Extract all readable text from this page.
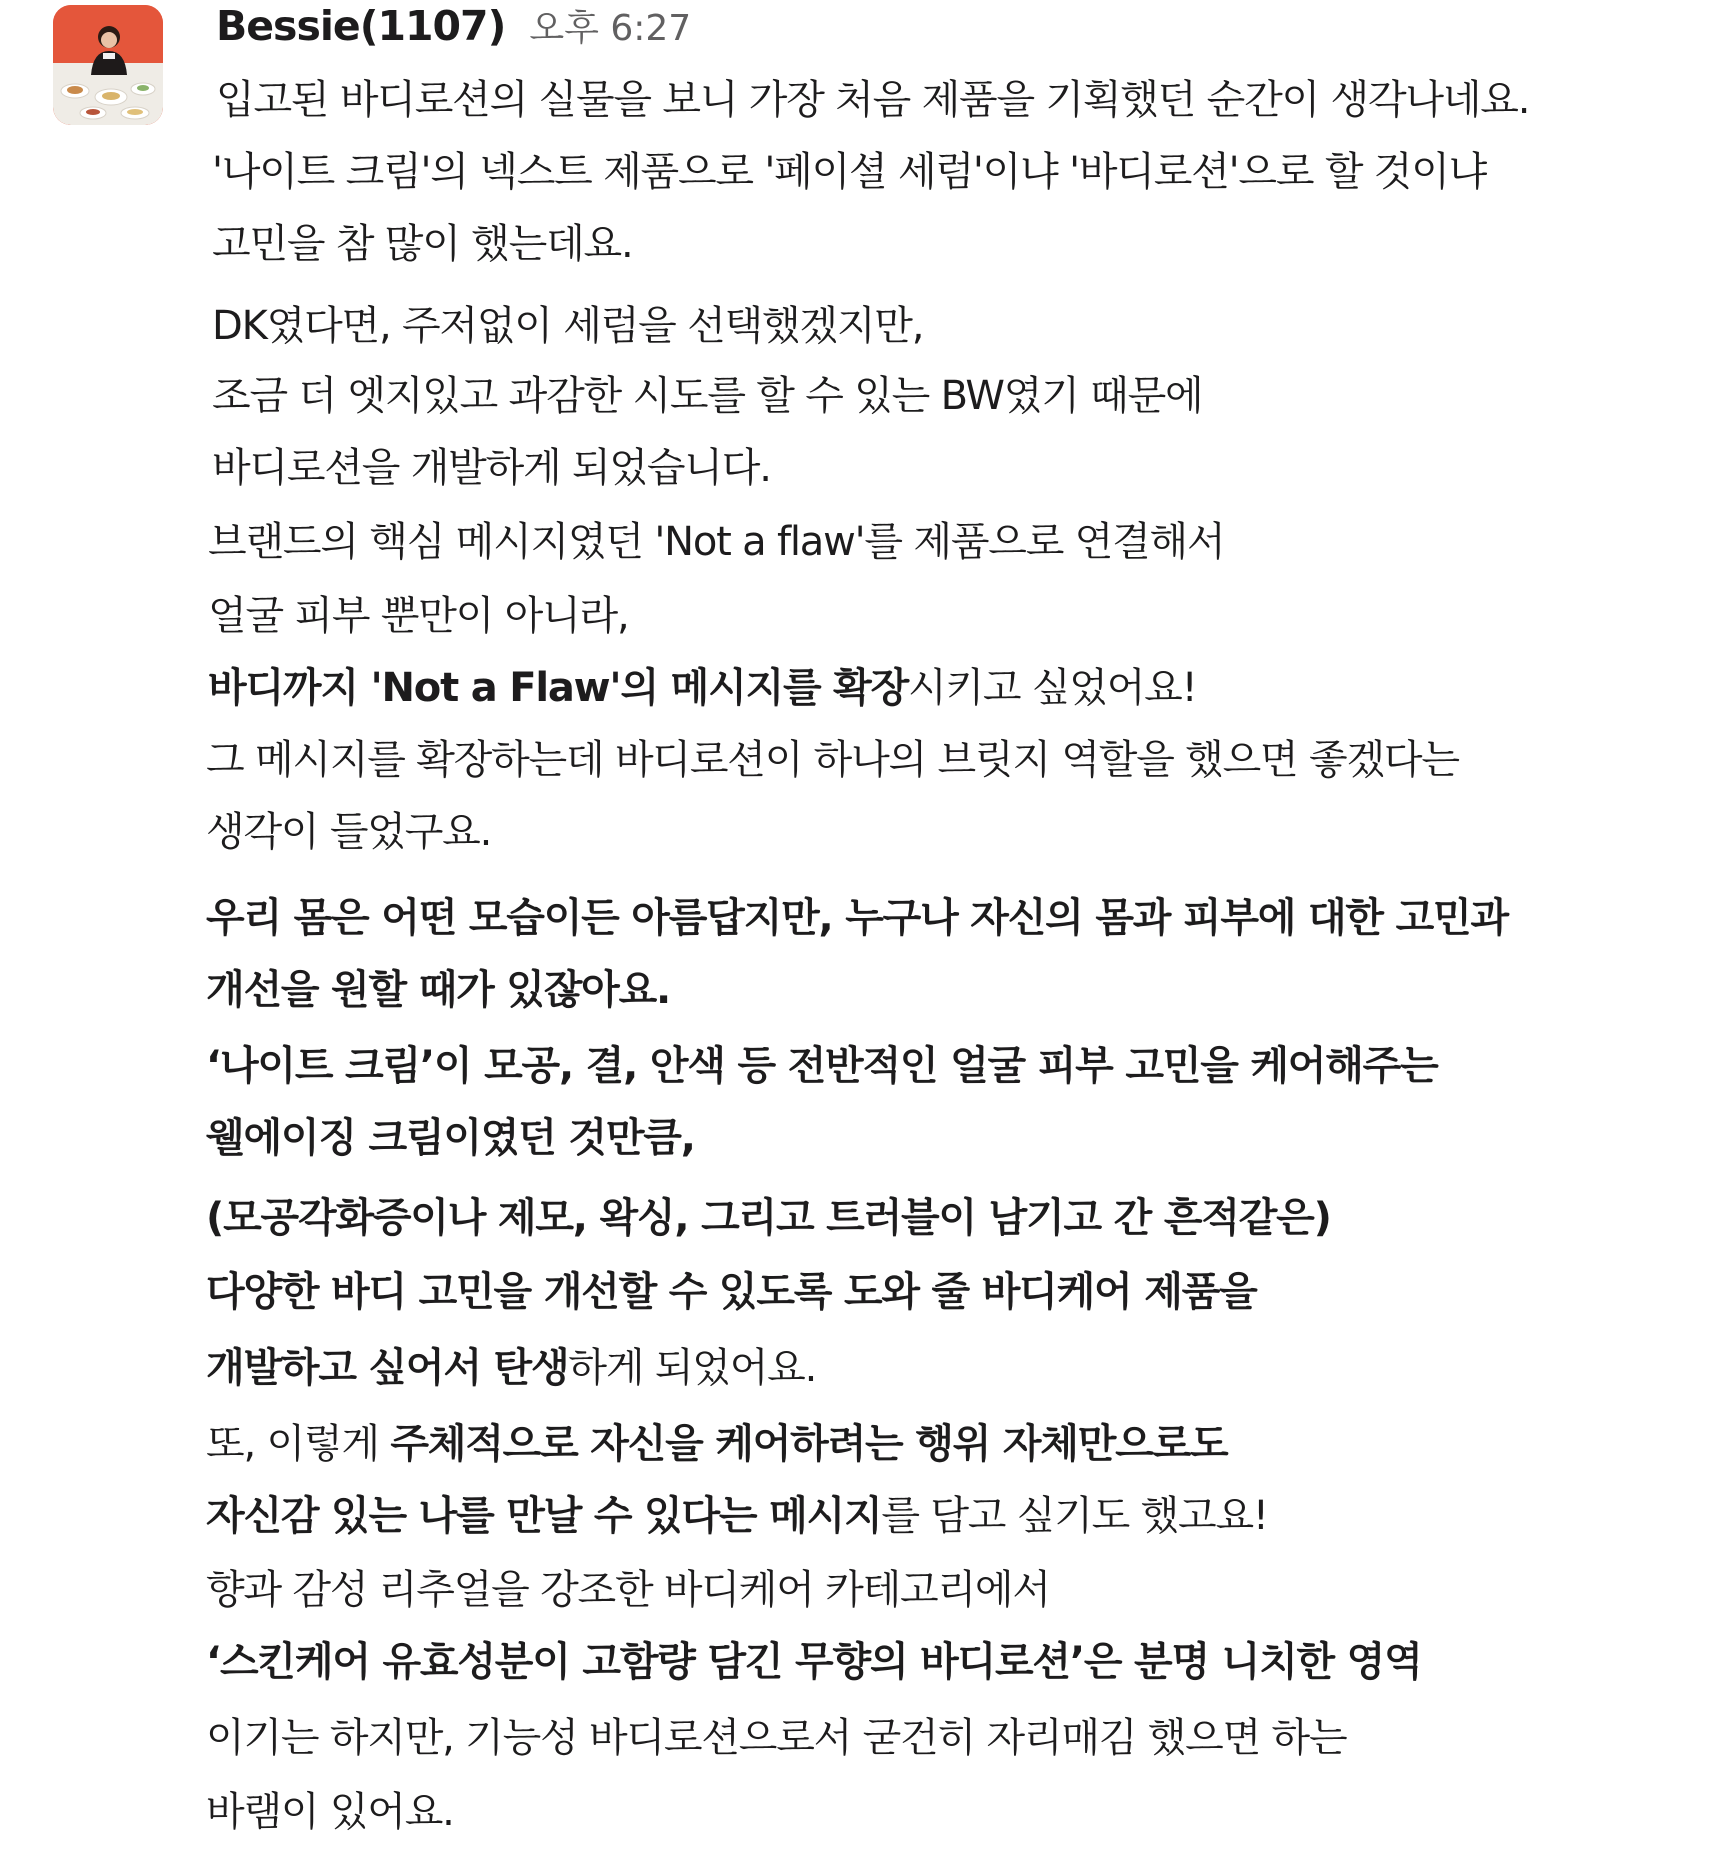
Bessie(1107) 오후 6:27
입고된 바디로션의 실물을 보니 가장 처음 제품을 기획했던 순간이 생각나네요.
'나이트 크림'의 넥스트 제품으로 '페이셜 세럼'이냐 '바디로션'으로 할 것이냐
고민을 참 많이 했는데요.
DK였다면, 주저없이 세럼을 선택했겠지만,
조금 더 엣지있고 과감한 시도를 할 수 있는 BW였기 때문에
바디로션을 개발하게 되었습니다.
브랜드의 핵심 메시지였던 'Not a flaw'를 제품으로 연결해서
얼굴 피부 뿐만이 아니라,
바디까지 'Not a Flaw'의 메시지를 확장시키고 싶었어요!
그 메시지를 확장하는데 바디로션이 하나의 브릿지 역할을 했으면 좋겠다는
생각이 들었구요.
우리 몸은 어떤 모습이든 아름답지만, 누구나 자신의 몸과 피부에 대한 고민과
개선을 원할 때가 있잖아요.
‘나이트 크림’이 모공, 결, 안색 등 전반적인 얼굴 피부 고민을 케어해주는
웰에이징 크림이였던 것만큼,
(모공각화증이나 제모, 왁싱, 그리고 트러블이 남기고 간 흔적같은)
다양한 바디 고민을 개선할 수 있도록 도와 줄 바디케어 제품을
개발하고 싶어서 탄생하게 되었어요.
또, 이렇게 주체적으로 자신을 케어하려는 행위 자체만으로도
자신감 있는 나를 만날 수 있다는 메시지를 담고 싶기도 했고요!
향과 감성 리추얼을 강조한 바디케어 카테고리에서
‘스킨케어 유효성분이 고함량 담긴 무향의 바디로션’은 분명 니치한 영역
이기는 하지만, 기능성 바디로션으로서 굳건히 자리매김 했으면 하는
바램이 있어요.
